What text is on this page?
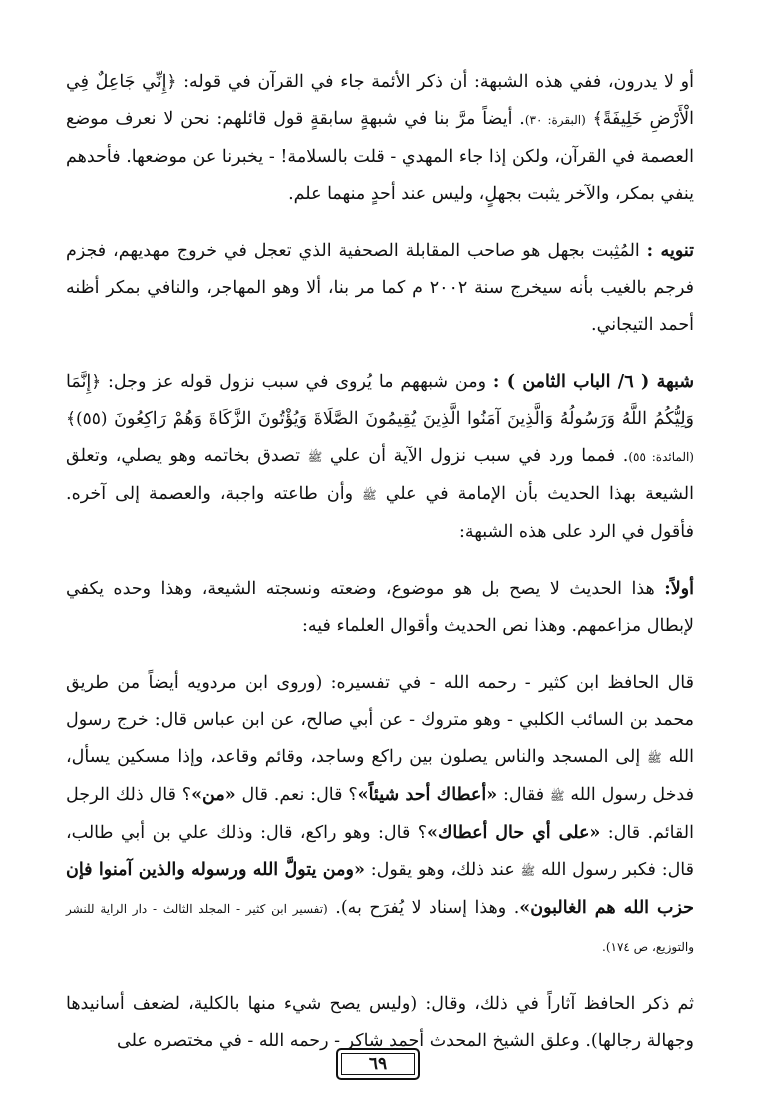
أو لا يدرون، ففي هذه الشبهة: أن ذكر الأئمة جاء في القرآن في قوله: ﴿إِنِّي جَاعِلٌ فِي الْأَرْضِ خَلِيفَةً﴾ (البقرة: ٣٠). أيضاً مرَّ بنا في شبهةٍ سابقةٍ قول قائلهم: نحن لا نعرف موضع العصمة في القرآن، ولكن إذا جاء المهدي - قلت بالسلامة! - يخبرنا عن موضعها. فأحدهم ينفي بمكر، والآخر يثبت بجهلٍ، وليس عند أحدٍ منهما علم.

تنويه : المُثِبت بجهل هو صاحب المقابلة الصحفية الذي تعجل في خروج مهديهم، فجزم فرجم بالغيب بأنه سيخرج سنة ٢٠٠٢ م كما مر بنا، ألا وهو المهاجر، والنافي بمكر أظنه أحمد التيجاني.

شبهة ( ٦/ الباب الثامن ) : ومن شبههم ما يُروى في سبب نزول قوله عز وجل: ﴿إِنَّمَا وَلِيُّكُمُ اللَّهُ وَرَسُولُهُ وَالَّذِينَ آمَنُوا الَّذِينَ يُقِيمُونَ الصَّلَاةَ وَيُؤْتُونَ الزَّكَاةَ وَهُمْ رَاكِعُونَ (٥٥)﴾ (المائدة: ٥٥). فمما ورد في سبب نزول الآية أن علي ﷺ تصدق بخاتمه وهو يصلي، وتعلق الشيعة بهذا الحديث بأن الإمامة في علي ﷺ وأن طاعته واجبة، والعصمة إلى آخره. فأقول في الرد على هذه الشبهة:

أولاً: هذا الحديث لا يصح بل هو موضوع، وضعته ونسجته الشيعة، وهذا وحده يكفي لإبطال مزاعمهم. وهذا نص الحديث وأقوال العلماء فيه:

قال الحافظ ابن كثير - رحمه الله - في تفسيره: (وروى ابن مردويه أيضاً من طريق محمد بن السائب الكلبي - وهو متروك - عن أبي صالح، عن ابن عباس قال: خرج رسول الله ﷺ إلى المسجد والناس يصلون بين راكع وساجد، وقائم وقاعد، وإذا مسكين يسأل، فدخل رسول الله ﷺ فقال: «أعطاك أحد شيئاً»؟ قال: نعم. قال «من»؟ قال ذلك الرجل القائم. قال: «على أي حال أعطاك»؟ قال: وهو راكع، قال: وذلك علي بن أبي طالب، قال: فكبر رسول الله ﷺ عند ذلك، وهو يقول: «ومن يتولَّ الله ورسوله والذين آمنوا فإن حزب الله هم الغالبون». وهذا إسناد لا يُفرَح به). (تفسير ابن كثير - المجلد الثالث - دار الراية للنشر والتوزيع، ص ١٧٤).

ثم ذكر الحافظ آثاراً في ذلك، وقال: (وليس يصح شيء منها بالكلية، لضعف أسانيدها وجهالة رجالها). وعلق الشيخ المحدث أحمد شاكر - رحمه الله - في مختصره على

٦٩
